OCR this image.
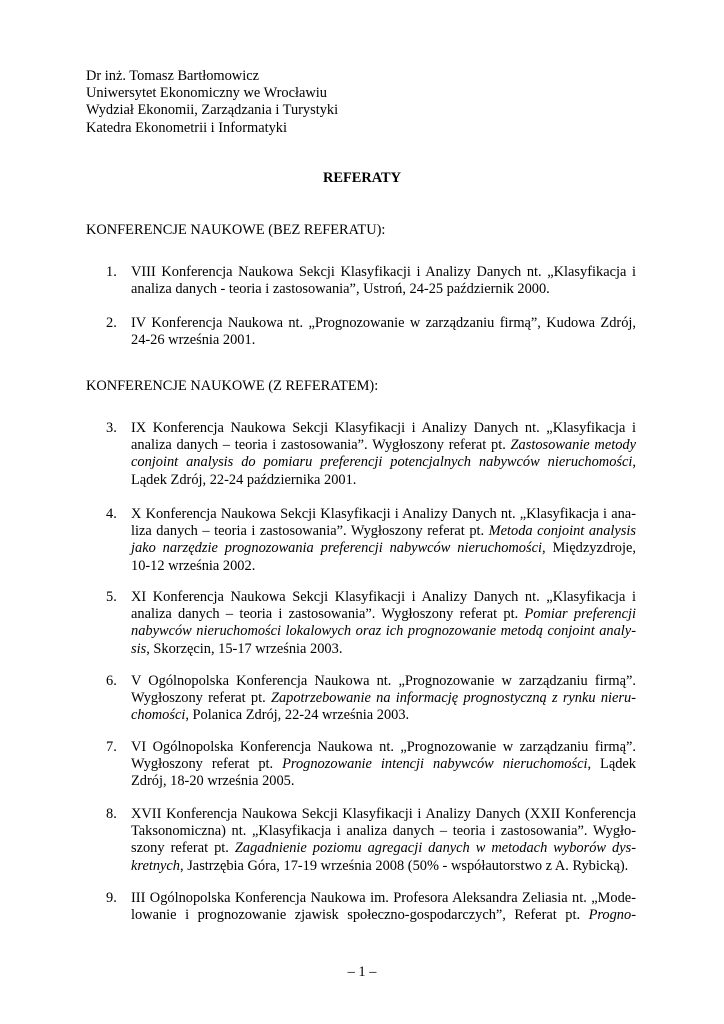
Dr inż. Tomasz Bartłomowicz
Uniwersytet Ekonomiczny we Wrocławiu
Wydział Ekonomii, Zarządzania i Turystyki
Katedra Ekonometrii i Informatyki
REFERATY
KONFERENCJE NAUKOWE (BEZ REFERATU):
1. VIII Konferencja Naukowa Sekcji Klasyfikacji i Analizy Danych nt. „Klasyfikacja i
analiza danych - teoria i zastosowania”, Ustroń, 24-25 październik 2000.
2. IV Konferencja Naukowa nt. „Prognozowanie w zarządzaniu firmą”, Kudowa Zdrój,
24-26 września 2001.
KONFERENCJE NAUKOWE (Z REFERATEM):
3. IX Konferencja Naukowa Sekcji Klasyfikacji i Analizy Danych nt. „Klasyfikacja i
analiza danych – teoria i zastosowania”. Wygłoszony referat pt. Zastosowanie metody
conjoint analysis do pomiaru preferencji potencjalnych nabywców nieruchomości,
Lądek Zdrój, 22-24 października 2001.
4. X Konferencja Naukowa Sekcji Klasyfikacji i Analizy Danych nt. „Klasyfikacja i ana-
liza danych – teoria i zastosowania”. Wygłoszony referat pt. Metoda conjoint analysis
jako narzędzie prognozowania preferencji nabywców nieruchomości, Międzyzdroje,
10-12 września 2002.
5. XI Konferencja Naukowa Sekcji Klasyfikacji i Analizy Danych nt. „Klasyfikacja i
analiza danych – teoria i zastosowania”. Wygłoszony referat pt. Pomiar preferencji
nabywców nieruchomości lokalowych oraz ich prognozowanie metodą conjoint analy-
sis, Skorzęcin, 15-17 września 2003.
6. V Ogólnopolska Konferencja Naukowa nt. „Prognozowanie w zarządzaniu firmą”.
Wygłoszony referat pt. Zapotrzebowanie na informację prognostyczną z rynku nieru-
chomości, Polanica Zdrój, 22-24 września 2003.
7. VI Ogólnopolska Konferencja Naukowa nt. „Prognozowanie w zarządzaniu firmą”.
Wygłoszony referat pt. Prognozowanie intencji nabywców nieruchomości, Lądek
Zdrój, 18-20 września 2005.
8. XVII Konferencja Naukowa Sekcji Klasyfikacji i Analizy Danych (XXII Konferencja
Taksonomiczna) nt. „Klasyfikacja i analiza danych – teoria i zastosowania”. Wygło-
szony referat pt. Zagadnienie poziomu agregacji danych w metodach wyborów dys-
kretnych, Jastrzębia Góra, 17-19 września 2008 (50% - współautorstwo z A. Rybicką).
9. III Ogólnopolska Konferencja Naukowa im. Profesora Aleksandra Zeliasia nt. „Mode-
lowanie i prognozowanie zjawisk społeczno-gospodarczych”, Referat pt. Progno-
– 1 –
